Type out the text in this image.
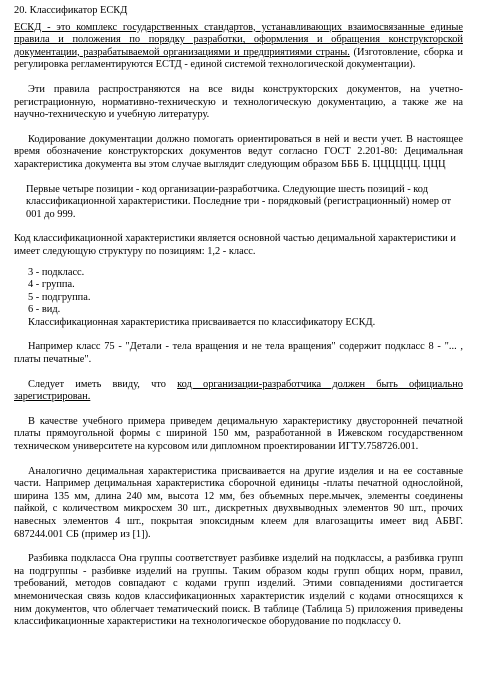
20. Классификатор ЕСКД

ЕСКД - это комплекс государственных стандартов, устанавливающих взаимосвязанные единые правила и положения по порядку разработки, оформления и обращения конструкторской документации, разрабатываемой организациями и предприятиями страны. (Изготовление, сборка и регулировка регламентируются ЕСТД - единой системой технологической документации).

Эти правила распространяются на все виды конструкторских документов, на учетно-регистрационную, нормативно-техническую и технологическую документацию, а также же на научно-техническую и учебную литературу.

Кодирование документации должно помогать ориентироваться в ней и вести учет. В настоящее время обозначение конструкторских документов ведут согласно ГОСТ 2.201-80: Децимальная характеристика документа вы этом случае выглядит следующим образом БББ Б. ЦЦЦЦЦЦ. ЦЦЦ

Первые четыре позиции - код организации-разработчика. Следующие шесть позиций - код классификационной характеристики. Последние три - порядковый (регистрационный) номер от 001 до 999.

Код классификационной характеристики является основной частью децимальной характеристики и имеет следующую структуру по позициям: 1,2 - класс.

3 - подкласс.

4 - группа.

5 - подгруппа.

6 - вид.

Классификационная характеристика присваивается по классификатору ЕСКД.

Например класс 75 - "Детали - тела вращения и не тела вращения" содержит подкласс 8 - "... , платы печатные".

Следует иметь ввиду, что код организации-разработчика должен быть официально зарегистрирован.

В качестве учебного примера приведем децимальную характеристику двусторонней печатной платы прямоугольной формы с шириной 150 мм, разработанной в Ижевском государственном техническом университете на курсовом или дипломном проектировании ИГТУ.758726.001.

Аналогично децимальная характеристика присваивается на другие изделия и на ее составные части. Например децимальная характеристика сборочной единицы -платы печатной однослойной, ширина 135 мм, длина 240 мм, высота 12 мм, без объемных пере.мычек, элементы соединены пайкой, с количеством микросхем 30 шт., дискретных двухвыводных элементов 90 шт., прочих навесных элементов 4 шт., покрытая эпоксидным клеем для влагозащиты имеет вид АБВГ. 687244.001 СБ (пример из [1]).

Разбивка подкласса Она группы соответствует разбивке изделий на подклассы, а разбивка групп на подгруппы - разбивке изделий на группы. Таким образом коды групп общих норм, правил, требований, методов совпадают с кодами групп изделий. Этими совпадениями достигается мнемоническая связь кодов классификационных характеристик изделий с кодами относящихся к ним документов, что облегчает тематический поиск. В таблице (Таблица 5) приложения приведены классификационные характеристики на технологическое оборудование по подклассу 0.
